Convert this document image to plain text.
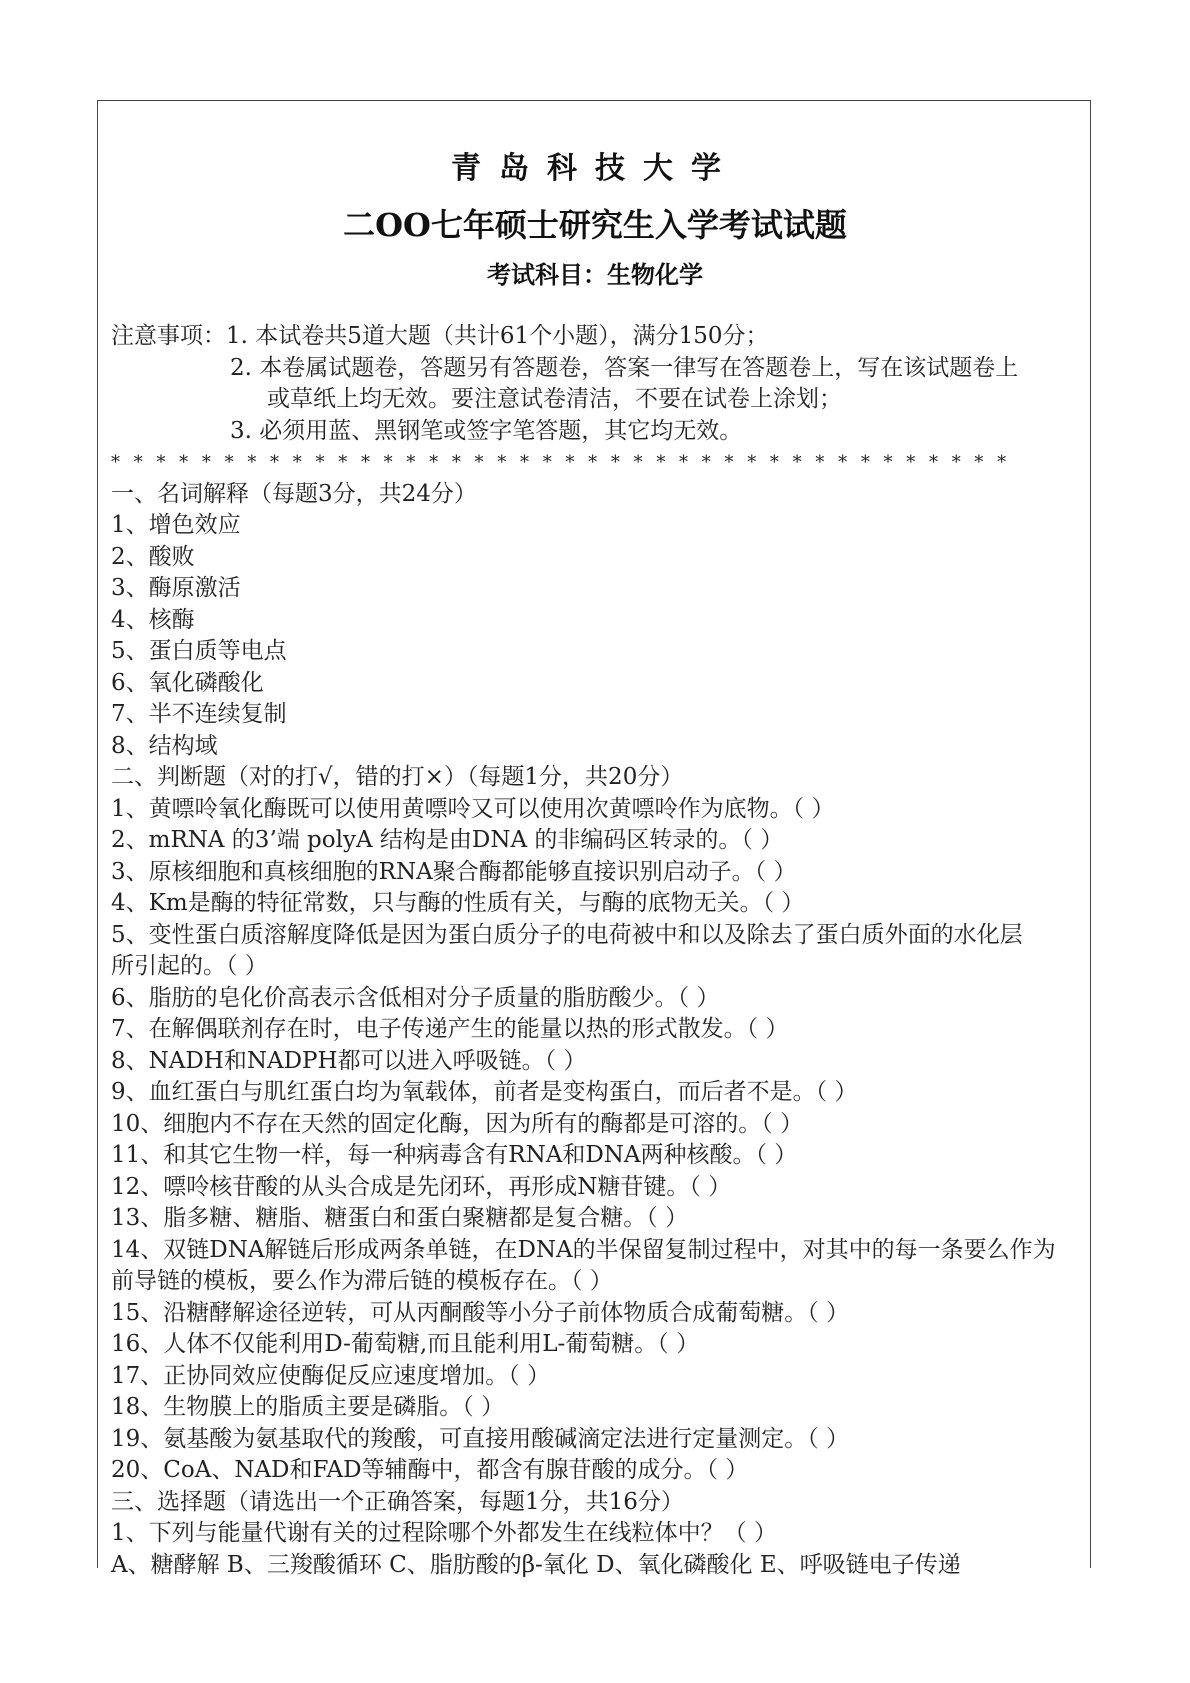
青岛科技大学
二OO七年硕士研究生入学考试试题
考试科目：生物化学
注意事项：1. 本试卷共5道大题（共计61个小题），满分150分；
2. 本卷属试题卷，答题另有答题卷，答案一律写在答题卷上，写在该试题卷上
或草纸上均无效。要注意试卷清洁，不要在试卷上涂划；
3. 必须用蓝、黑钢笔或签字笔答题，其它均无效。
* * * * * * * * * * * * * * * * * * * * * * * * * * * * * * * * * * * * * * * *
一、名词解释（每题3分，共24分）
1、增色效应
2、酸败
3、酶原激活
4、核酶
5、蛋白质等电点
6、氧化磷酸化
7、半不连续复制
8、结构域
二、判断题（对的打√，错的打×）（每题1分，共20分）
1、黄嘌呤氧化酶既可以使用黄嘌呤又可以使用次黄嘌呤作为底物。（ ）
2、mRNA 的3’端 polyA 结构是由DNA 的非编码区转录的。（ ）
3、原核细胞和真核细胞的RNA聚合酶都能够直接识别启动子。（ ）
4、Km是酶的特征常数，只与酶的性质有关，与酶的底物无关。（ ）
5、变性蛋白质溶解度降低是因为蛋白质分子的电荷被中和以及除去了蛋白质外面的水化层
所引起的。（ ）
6、脂肪的皂化价高表示含低相对分子质量的脂肪酸少。（ ）
7、在解偶联剂存在时，电子传递产生的能量以热的形式散发。（ ）
8、NADH和NADPH都可以进入呼吸链。（ ）
9、血红蛋白与肌红蛋白均为氧载体，前者是变构蛋白，而后者不是。（ ）
10、细胞内不存在天然的固定化酶，因为所有的酶都是可溶的。（ ）
11、和其它生物一样，每一种病毒含有RNA和DNA两种核酸。（ ）
12、嘌呤核苷酸的从头合成是先闭环，再形成N糖苷键。（ ）
13、脂多糖、糖脂、糖蛋白和蛋白聚糖都是复合糖。（ ）
14、双链DNA解链后形成两条单链，在DNA的半保留复制过程中，对其中的每一条要么作为
前导链的模板，要么作为滞后链的模板存在。（ ）
15、沿糖酵解途径逆转，可从丙酮酸等小分子前体物质合成葡萄糖。（ ）
16、人体不仅能利用D-葡萄糖,而且能利用L-葡萄糖。（ ）
17、正协同效应使酶促反应速度增加。（ ）
18、生物膜上的脂质主要是磷脂。（ ）
19、氨基酸为氨基取代的羧酸，可直接用酸碱滴定法进行定量测定。（ ）
20、CoA、NAD和FAD等辅酶中，都含有腺苷酸的成分。（ ）
三、选择题（请选出一个正确答案，每题1分，共16分）
1、下列与能量代谢有关的过程除哪个外都发生在线粒体中？（ ）
A、糖酵解 B、三羧酸循环 C、脂肪酸的β-氧化 D、氧化磷酸化 E、呼吸链电子传递
